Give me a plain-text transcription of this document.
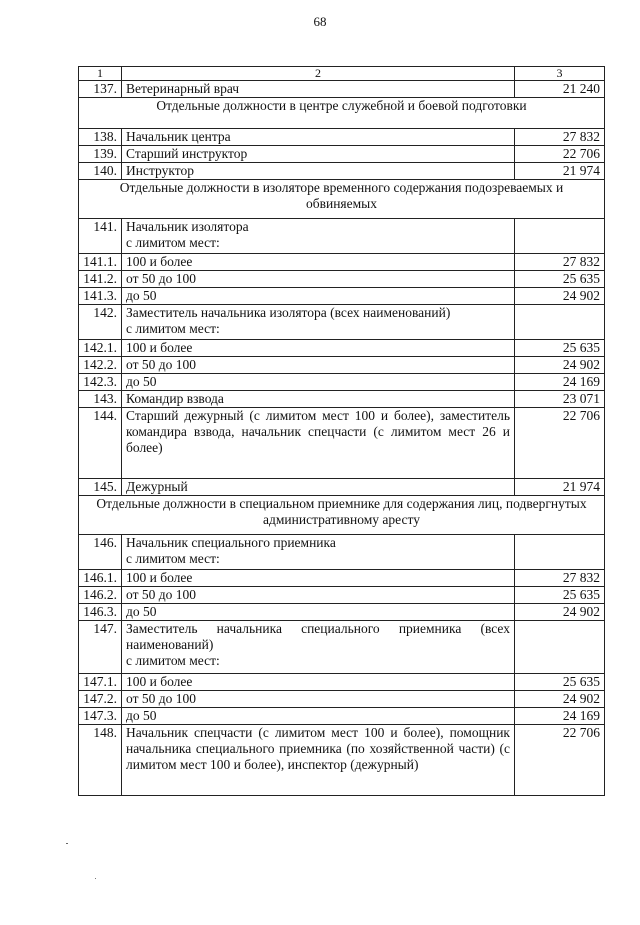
68
1	2	3
137.	Ветеринарный врач	21 240
Отдельные должности в центре служебной и боевой подготовки		
138.	Начальник центра	27 832
139.	Старший инструктор	22 706
140.	Инструктор	21 974
Отдельные должности в изоляторе временного содержания подозреваемых и обвиняемых		
141.	Начальник изолятора
с лимитом мест:	

141.1.	100 и более	27 832
141.2.	от 50 до 100	25 635
141.3.	до 50	24 902
142.	Заместитель начальника изолятора (всех наименований)
с лимитом мест:	

142.1.	100 и более	25 635
142.2.	от 50 до 100	24 902
142.3.	до 50	24 169
143.	Командир взвода	23 071
144.	Старший дежурный (с лимитом мест 100 и более), заместитель командира взвода, начальник спецчасти (с лимитом мест 26 и более)	22 706
145.	Дежурный	21 974
Отдельные должности в специальном приемнике для содержания лиц, подвергнутых административному аресту		
146.	Начальник специального приемника
с лимитом мест:	

146.1.	100 и более	27 832
146.2.	от 50 до 100	25 635
146.3.	до 50	24 902
147.	Заместитель начальника специального приемника (всех наименований)
с лимитом мест:	

147.1.	100 и более	25 635
147.2.	от 50 до 100	24 902
147.3.	до 50	24 169
148.	Начальник спецчасти (с лимитом мест 100 и более), помощник начальника специального приемника (по хозяйственной части) (с лимитом мест 100 и более), инспектор (дежурный)	22 706
